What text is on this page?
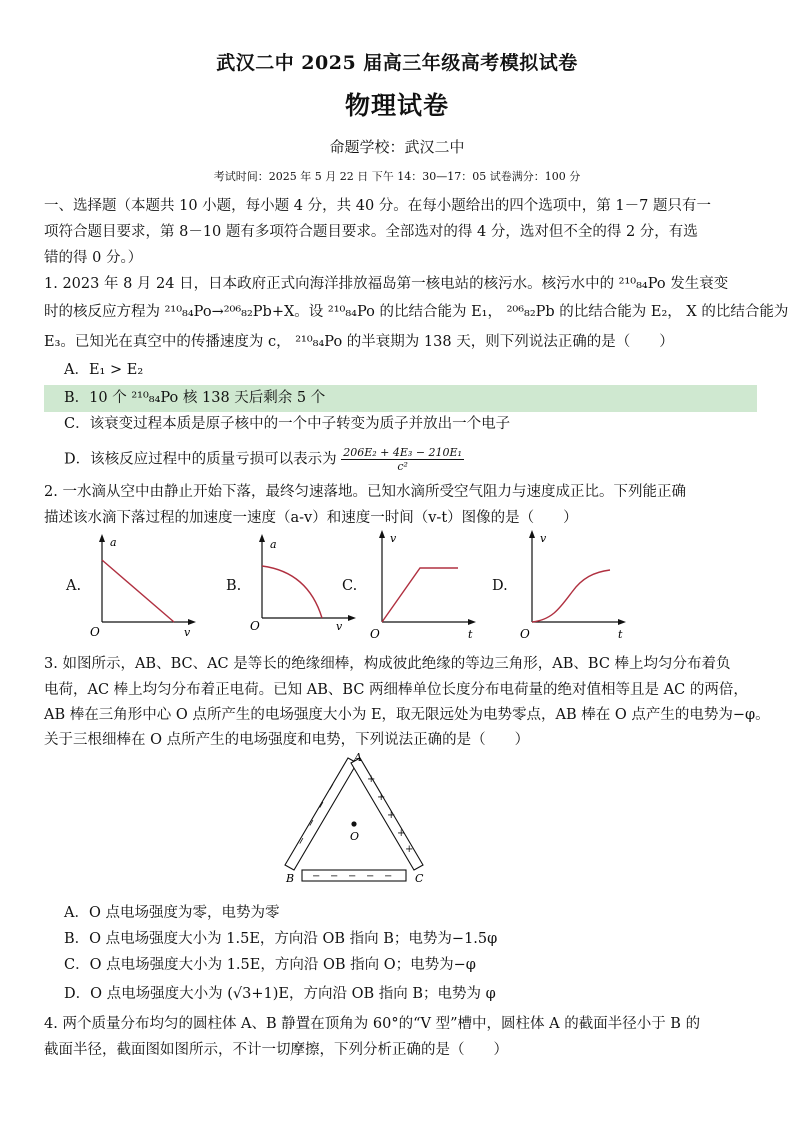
武汉二中 2025 届高三年级高考模拟试卷
物理试卷
命题学校：武汉二中
考试时间：2025 年 5 月 22 日 下午 14：30—17：05 试卷满分：100 分
一、选择题（本题共 10 小题，每小题 4 分，共 40 分。在每小题给出的四个选项中，第 1－7 题只有一
项符合题目要求，第 8－10 题有多项符合题目要求。全部选对的得 4 分，选对但不全的得 2 分，有选
错的得 0 分。）
1. 2023 年 8 月 24 日，日本政府正式向海洋排放福岛第一核电站的核污水。核污水中的 ²¹⁰₈₄Po 发生衰变
时的核反应方程为 ²¹⁰₈₄Po→²⁰⁶₈₂Pb+X。设 ²¹⁰₈₄Po 的比结合能为 E₁， ²⁰⁶₈₂Pb 的比结合能为 E₂， X 的比结合能为
E₃。已知光在真空中的传播速度为 c， ²¹⁰₈₄Po 的半衰期为 138 天，则下列说法正确的是（　　）
A．E₁ > E₂
B．10 个 ²¹⁰₈₄Po 核 138 天后剩余 5 个
C．该衰变过程本质是原子核中的一个中子转变为质子并放出一个电子
D．该核反应过程中的质量亏损可以表示为 $\frac{\text{206E₂ + 4E₃ − 210E₁}}{\text{c²}}$
2. 一水滴从空中由静止开始下落，最终匀速落地。已知水滴所受空气阻力与速度成正比。下列能正确
描述该水滴下落过程的加速度一速度（a-v）和速度一时间（v-t）图像的是（　　）
A.
a
v
O
B.
a
v
O
C.
v
t
O
D.
v
t
O
3. 如图所示，AB、BC、AC 是等长的绝缘细棒，构成彼此绝缘的等边三角形，AB、BC 棒上均匀分布着负
电荷，AC 棒上均匀分布着正电荷。已知 AB、BC 两细棒单位长度分布电荷量的绝对值相等且是 AC 的两倍，
AB 棒在三角形中心 O 点所产生的电场强度大小为 E，取无限远处为电势零点，AB 棒在 O 点产生的电势为−φ。
关于三根细棒在 O 点所产生的电场强度和电势，下列说法正确的是（　　）
−
−
−
−
+
+
+
+
+
− − − − −
O
A
B	C
A．O 点电场强度为零，电势为零
B．O 点电场强度大小为 1.5E，方向沿 OB 指向 B；电势为−1.5φ
C．O 点电场强度大小为 1.5E，方向沿 OB 指向 O；电势为−φ
D．O 点电场强度大小为 (√3+1)E，方向沿 OB 指向 B；电势为 φ
4. 两个质量分布均匀的圆柱体 A、B 静置在顶角为 60°的“V 型”槽中，圆柱体 A 的截面半径小于 B 的
截面半径，截面图如图所示，不计一切摩擦，下列分析正确的是（　　）
